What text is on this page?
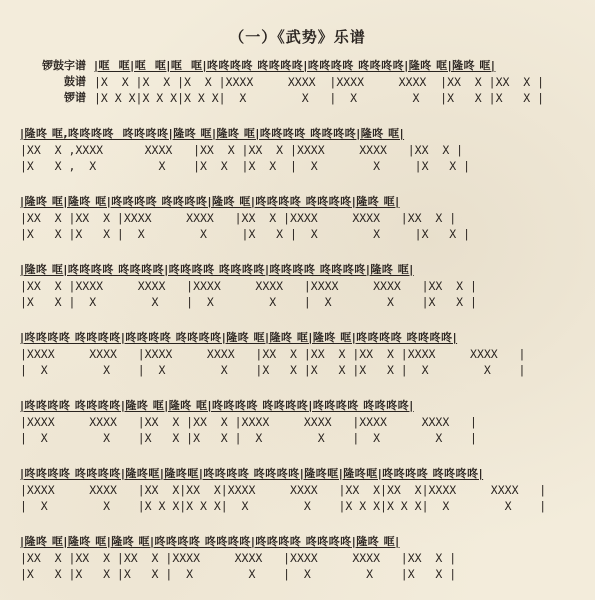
（一）《武势》乐谱
锣鼓字谱
鼓谱
锣谱
|哐  哐|哐  哐|哐  哐|咚咚咚咚 咚咚咚咚|咚咚咚咚 咚咚咚咚|隆咚 哐|隆咚 哐|
|X  X |X  X |X  X |XXXX     XXXX  |XXXX     XXXX  |XX  X |XX  X |
|X X X|X X X|X X X|  X        X   |  X        X   |X   X |X   X |
|隆咚 哐,咚咚咚咚  咚咚咚咚|隆咚 哐|隆咚 哐|咚咚咚咚 咚咚咚咚|隆咚 哐|
|XX  X ,XXXX      XXXX   |XX  X |XX  X |XXXX     XXXX   |XX  X |
|X   X ,  X         X    |X  X  |X  X  |  X        X     |X   X |
|隆咚 哐|隆咚 哐|咚咚咚咚 咚咚咚咚|隆咚 哐|咚咚咚咚 咚咚咚咚|隆咚 哐|
|XX  X |XX  X |XXXX     XXXX   |XX  X |XXXX     XXXX   |XX  X |
|X   X |X   X |  X        X     |X   X |  X        X     |X   X |
|隆咚 哐|咚咚咚咚 咚咚咚咚|咚咚咚咚 咚咚咚咚|咚咚咚咚 咚咚咚咚|隆咚 哐|
|XX  X |XXXX     XXXX   |XXXX     XXXX   |XXXX     XXXX   |XX  X |
|X   X |  X        X    |  X        X    |  X        X    |X   X |
|咚咚咚咚 咚咚咚咚|咚咚咚咚 咚咚咚咚|隆咚 哐|隆咚 哐|隆咚 哐|咚咚咚咚 咚咚咚咚|
|XXXX     XXXX   |XXXX     XXXX   |XX  X |XX  X |XX  X |XXXX     XXXX   |
|  X        X    |  X        X    |X   X |X   X |X   X |  X        X    |
|咚咚咚咚 咚咚咚咚|隆咚 哐|隆咚 哐|咚咚咚咚 咚咚咚咚|咚咚咚咚 咚咚咚咚|
|XXXX     XXXX   |XX  X |XX  X |XXXX     XXXX   |XXXX     XXXX   |
|  X        X    |X   X |X   X |  X        X    |  X        X    |
|咚咚咚咚 咚咚咚咚|隆咚哐|隆咚哐|咚咚咚咚 咚咚咚咚|隆咚哐|隆咚哐|咚咚咚咚 咚咚咚咚|
|XXXX     XXXX   |XX  X|XX  X|XXXX     XXXX   |XX  X|XX  X|XXXX     XXXX   |
|  X        X    |X X X|X X X|  X        X    |X X X|X X X|  X        X    |
|隆咚 哐|隆咚 哐|隆咚 哐|咚咚咚咚 咚咚咚咚|咚咚咚咚 咚咚咚咚|隆咚 哐|
|XX  X |XX  X |XX  X |XXXX     XXXX   |XXXX     XXXX   |XX  X |
|X   X |X   X |X   X |  X        X    |  X        X    |X   X |
